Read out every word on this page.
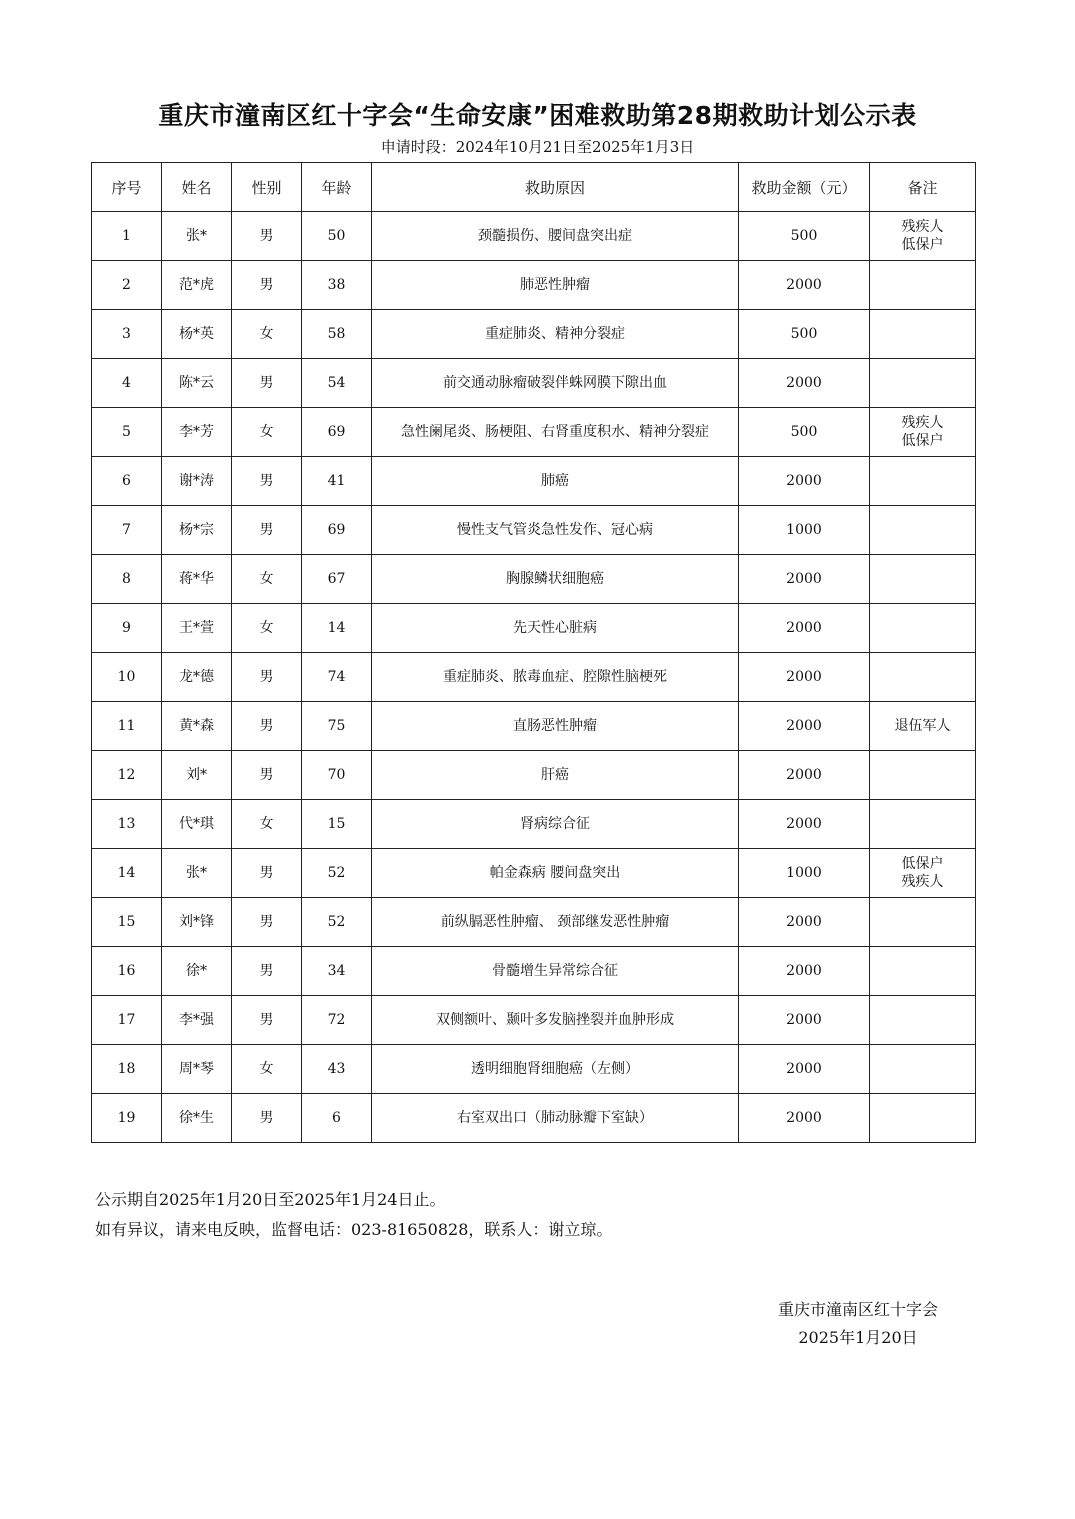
重庆市潼南区红十字会“生命安康”困难救助第28期救助计划公示表
申请时段：2024年10月21日至2025年1月3日
序号	姓名	性别	年龄	救助原因	救助金额（元）	备注
1	张*	男	50	颈髓损伤、腰间盘突出症	500	残疾人
低保户

2	范*虎	男	38	肺恶性肿瘤	2000	
3	杨*英	女	58	重症肺炎、精神分裂症	500	
4	陈*云	男	54	前交通动脉瘤破裂伴蛛网膜下隙出血	2000	
5	李*芳	女	69	急性阑尾炎、肠梗阻、右肾重度积水、精神分裂症	500	残疾人
低保户

6	谢*涛	男	41	肺癌	2000	
7	杨*宗	男	69	慢性支气管炎急性发作、冠心病	1000	
8	蒋*华	女	67	胸腺鳞状细胞癌	2000	
9	王*萱	女	14	先天性心脏病	2000	
10	龙*德	男	74	重症肺炎、脓毒血症、腔隙性脑梗死	2000	
11	黄*森	男	75	直肠恶性肿瘤	2000	退伍军人

12	刘*	男	70	肝癌	2000	
13	代*琪	女	15	肾病综合征	2000	
14	张*	男	52	帕金森病 腰间盘突出	1000	低保户
残疾人

15	刘*锋	男	52	前纵膈恶性肿瘤、 颈部继发恶性肿瘤	2000	
16	徐*	男	34	骨髓增生异常综合征	2000	
17	李*强	男	72	双侧额叶、颞叶多发脑挫裂并血肿形成	2000	
18	周*琴	女	43	透明细胞肾细胞癌（左侧）	2000	
19	徐*生	男	6	右室双出口（肺动脉瓣下室缺）	2000	
公示期自2025年1月20日至2025年1月24日止。
如有异议，请来电反映，监督电话：023-81650828，联系人：谢立琼。
重庆市潼南区红十字会
2025年1月20日
